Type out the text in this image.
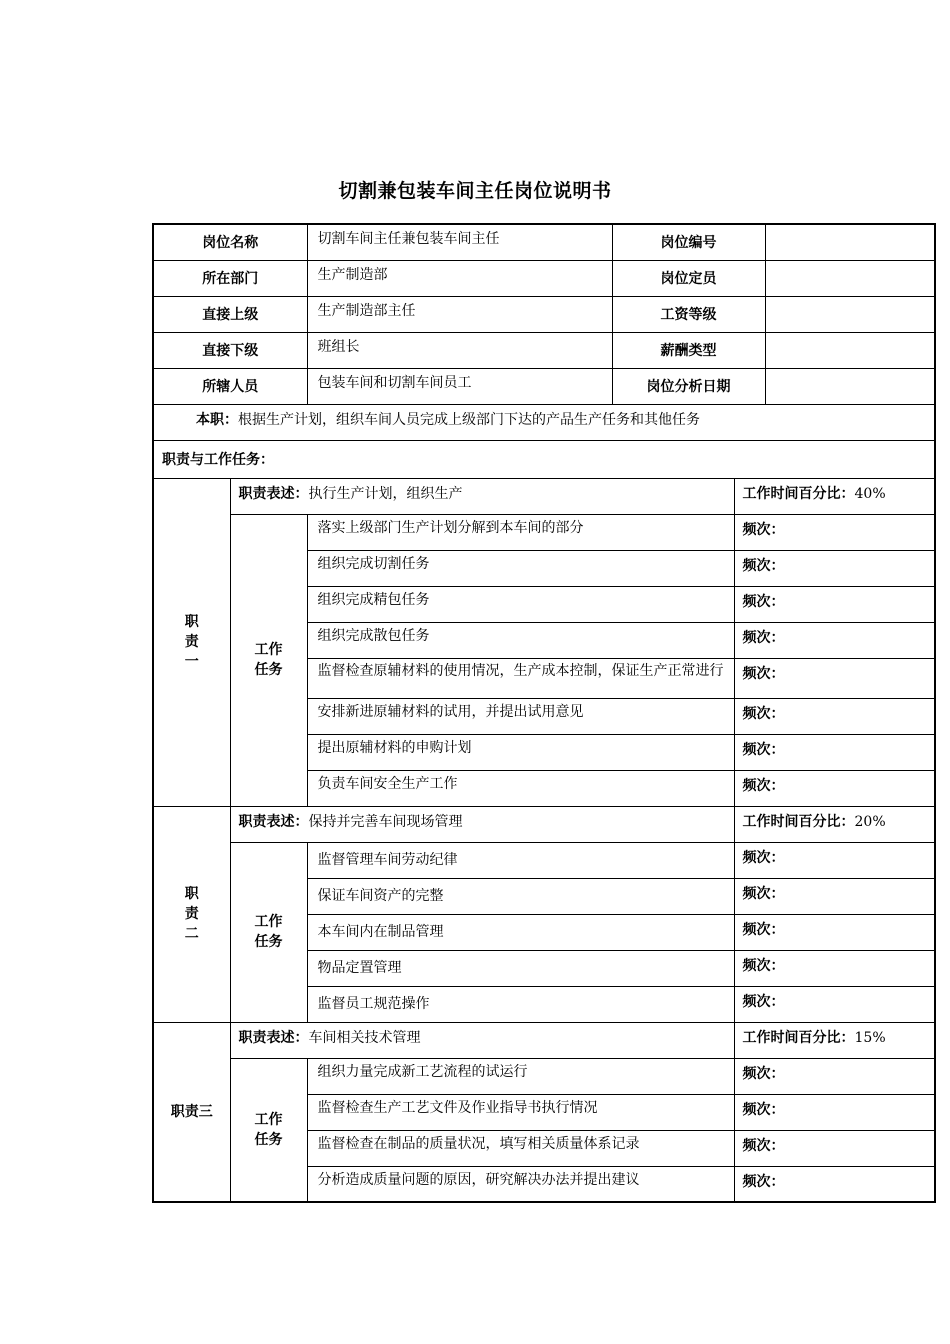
切割兼包装车间主任岗位说明书
岗位名称		切割车间主任兼包装车间主任	岗位编号		
所在部门		生产制造部	岗位定员		
直接上级		生产制造部主任	工资等级		
直接下级		班组长	薪酬类型		
所辖人员		包装车间和切割车间员工	岗位分析日期		
本职：根据生产计划，组织车间人员完成上级部门下达的产品生产任务和其他任务					
职责与工作任务：					
职责一	职责表述：执行生产计划，组织生产			工作时间百分比：40%	
	工作任务	落实上级部门生产计划分解到本车间的部分		频次：	
		组织完成切割任务		频次：	
		组织完成精包任务		频次：	
		组织完成散包任务		频次：	
		监督检查原辅材料的使用情况，生产成本控制，保证生产正常进行		频次：	
		安排新进原辅材料的试用，并提出试用意见		频次：	
		提出原辅材料的申购计划		频次：	
		负责车间安全生产工作		频次：	
职责二	职责表述：保持并完善车间现场管理			工作时间百分比：20%	
	工作任务	监督管理车间劳动纪律		频次：	
		保证车间资产的完整		频次：	
		本车间内在制品管理		频次：	
		物品定置管理		频次：	
		监督员工规范操作		频次：	
职责三	职责表述：车间相关技术管理			工作时间百分比：15%	
	工作任务	组织力量完成新工艺流程的试运行		频次：	
		监督检查生产工艺文件及作业指导书执行情况		频次：	
		监督检查在制品的质量状况，填写相关质量体系记录		频次：	
		分析造成质量问题的原因，研究解决办法并提出建议		频次：	
